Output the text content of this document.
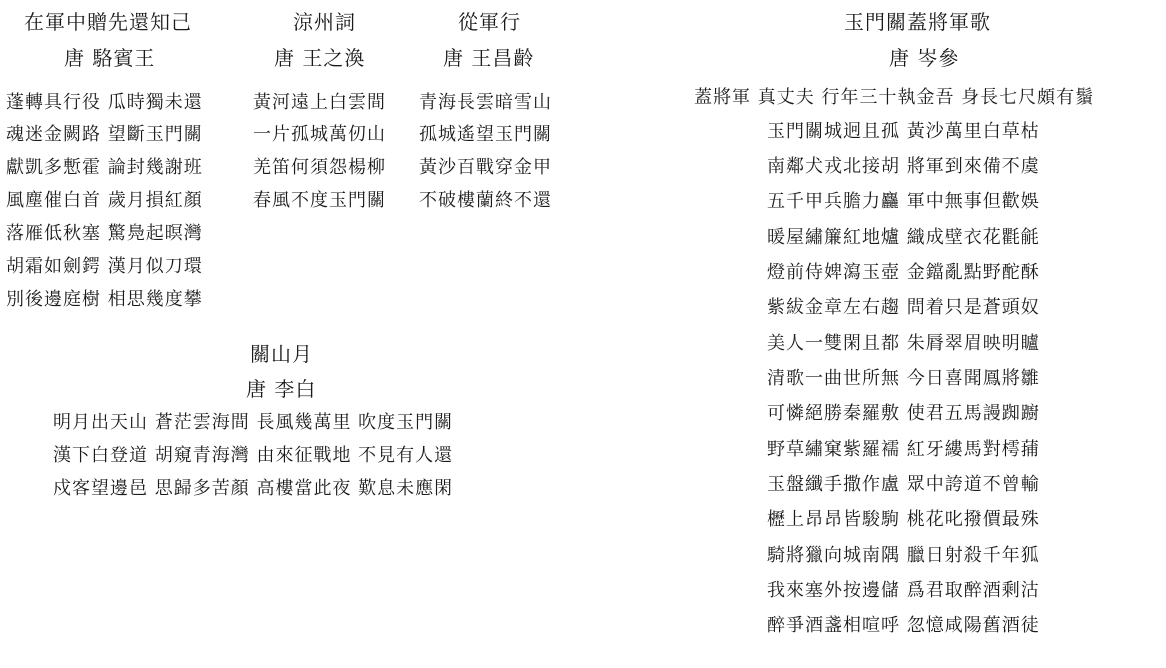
在軍中贈先還知己
唐 駱賓王
蓬轉具行役 瓜時獨未還
魂迷金闕路 望斷玉門關
獻凱多慙霍 論封幾謝班
風塵催白首 歲月損紅顏
落雁低秋塞 驚鳧起暝灣
胡霜如劍鍔 漢月似刀環
別後邊庭樹 相思幾度攀
涼州詞
唐 王之渙
黃河遠上白雲間
一片孤城萬仞山
羌笛何須怨楊柳
春風不度玉門關
從軍行
唐 王昌齡
青海長雲暗雪山
孤城遙望玉門關
黃沙百戰穿金甲
不破樓蘭終不還
關山月
唐 李白
明月出天山 蒼茫雲海間 長風幾萬里 吹度玉門關
漢下白登道 胡窺青海灣 由來征戰地 不見有人還
戍客望邊邑 思歸多苦顏 高樓當此夜 歎息未應閑
玉門關蓋將軍歌
唐 岑參
蓋將軍 真丈夫 行年三十執金吾 身長七尺頗有鬚
玉門關城迥且孤 黃沙萬里白草枯
南鄰犬戎北接胡 將軍到來備不虞
五千甲兵膽力麤 軍中無事但歡娛
暖屋繡簾紅地爐 織成壁衣花氍毹
燈前侍婢瀉玉壺 金鐺亂點野酡酥
紫紱金章左右趨 問着只是蒼頭奴
美人一雙閑且都 朱脣翠眉映明矑
清歌一曲世所無 今日喜聞鳳將雛
可憐絕勝秦羅敷 使君五馬謾踟躕
野草繡窠紫羅襦 紅牙縷馬對樗蒱
玉盤纖手撒作盧 眾中誇道不曾輸
櫪上昂昂皆駿駒 桃花叱撥價最殊
騎將獵向城南隅 臘日射殺千年狐
我來塞外按邊儲 爲君取醉酒剩沽
醉爭酒盞相喧呼 忽憶咸陽舊酒徒
